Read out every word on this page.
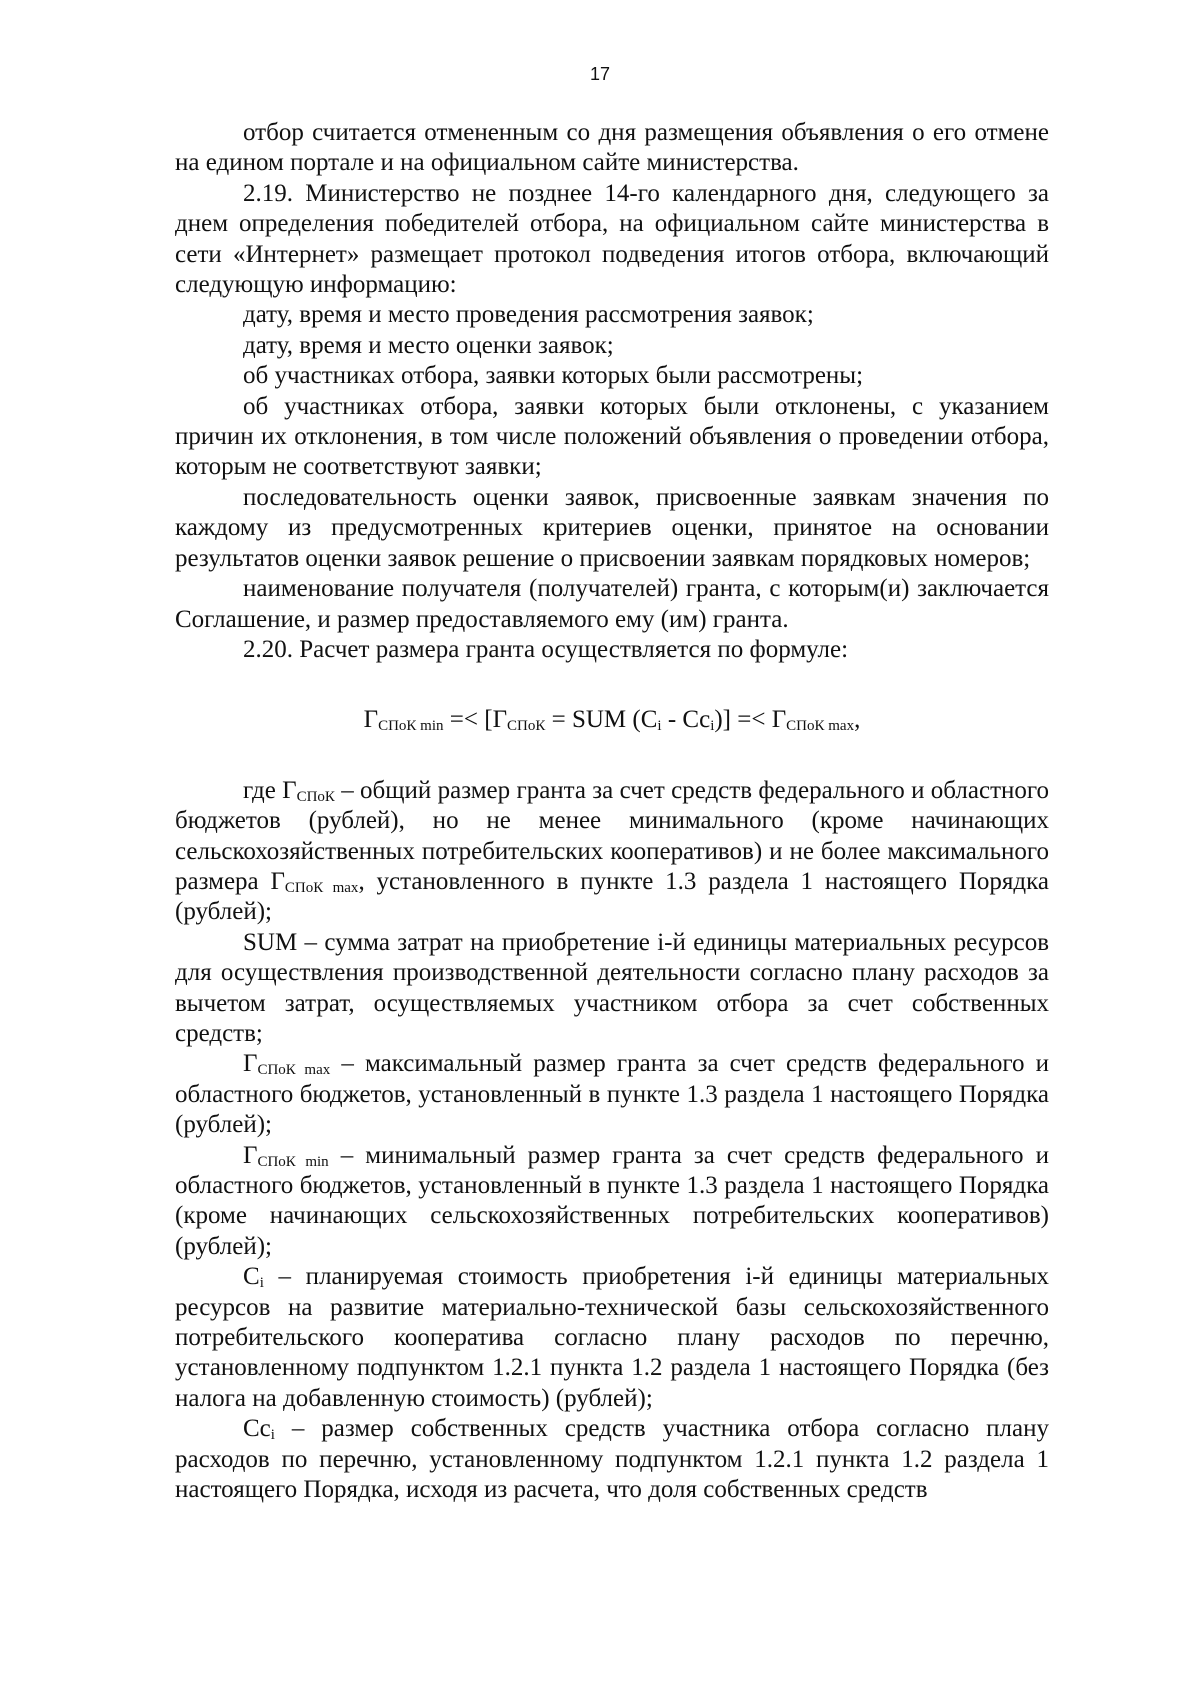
17

отбор считается отмененным со дня размещения объявления о его отмене на едином портале и на официальном сайте министерства.

2.19. Министерство не позднее 14-го календарного дня, следующего за днем определения победителей отбора, на официальном сайте министерства в сети «Интернет» размещает протокол подведения итогов отбора, включающий следующую информацию:

дату, время и место проведения рассмотрения заявок;

дату, время и место оценки заявок;

об участниках отбора, заявки которых были рассмотрены;

об участниках отбора, заявки которых были отклонены, с указанием причин их отклонения, в том числе положений объявления о проведении отбора, которым не соответствуют заявки;

последовательность оценки заявок, присвоенные заявкам значения по каждому из предусмотренных критериев оценки, принятое на основании результатов оценки заявок решение о присвоении заявкам порядковых номеров;

наименование получателя (получателей) гранта, с которым(и) заключается Соглашение, и размер предоставляемого ему (им) гранта.

2.20. Расчет размера гранта осуществляется по формуле:

$Г_{СПоК min} =< [Г_{СПоК}$ = SUM $(C_i - Cc_i)] =< Г_{СПоК max}$,

где $Г_{СПоК}$ – общий размер гранта за счет средств федерального и областного бюджетов (рублей), но не менее минимального (кроме начинающих сельскохозяйственных потребительских кооперативов) и не более максимального размера $Г_{СПоК max}$, установленного в пункте 1.3 раздела 1 настоящего Порядка (рублей);

SUM – сумма затрат на приобретение i-й единицы материальных ресурсов для осуществления производственной деятельности согласно плану расходов за вычетом затрат, осуществляемых участником отбора за счет собственных средств;

$Г_{СПоК max}$ – максимальный размер гранта за счет средств федерального и областного бюджетов, установленный в пункте 1.3 раздела 1 настоящего Порядка (рублей);

$Г_{СПоК min}$ – минимальный размер гранта за счет средств федерального и областного бюджетов, установленный в пункте 1.3 раздела 1 настоящего Порядка (кроме начинающих сельскохозяйственных потребительских кооперативов) (рублей);

$C_i$ – планируемая стоимость приобретения i-й единицы материальных ресурсов на развитие материально-технической базы сельскохозяйственного потребительского кооператива согласно плану расходов по перечню, установленному подпунктом 1.2.1 пункта 1.2 раздела 1 настоящего Порядка (без налога на добавленную стоимость) (рублей);

$Cc_i$ – размер собственных средств участника отбора согласно плану расходов по перечню, установленному подпунктом 1.2.1 пункта 1.2 раздела 1 настоящего Порядка, исходя из расчета, что доля собственных средств
